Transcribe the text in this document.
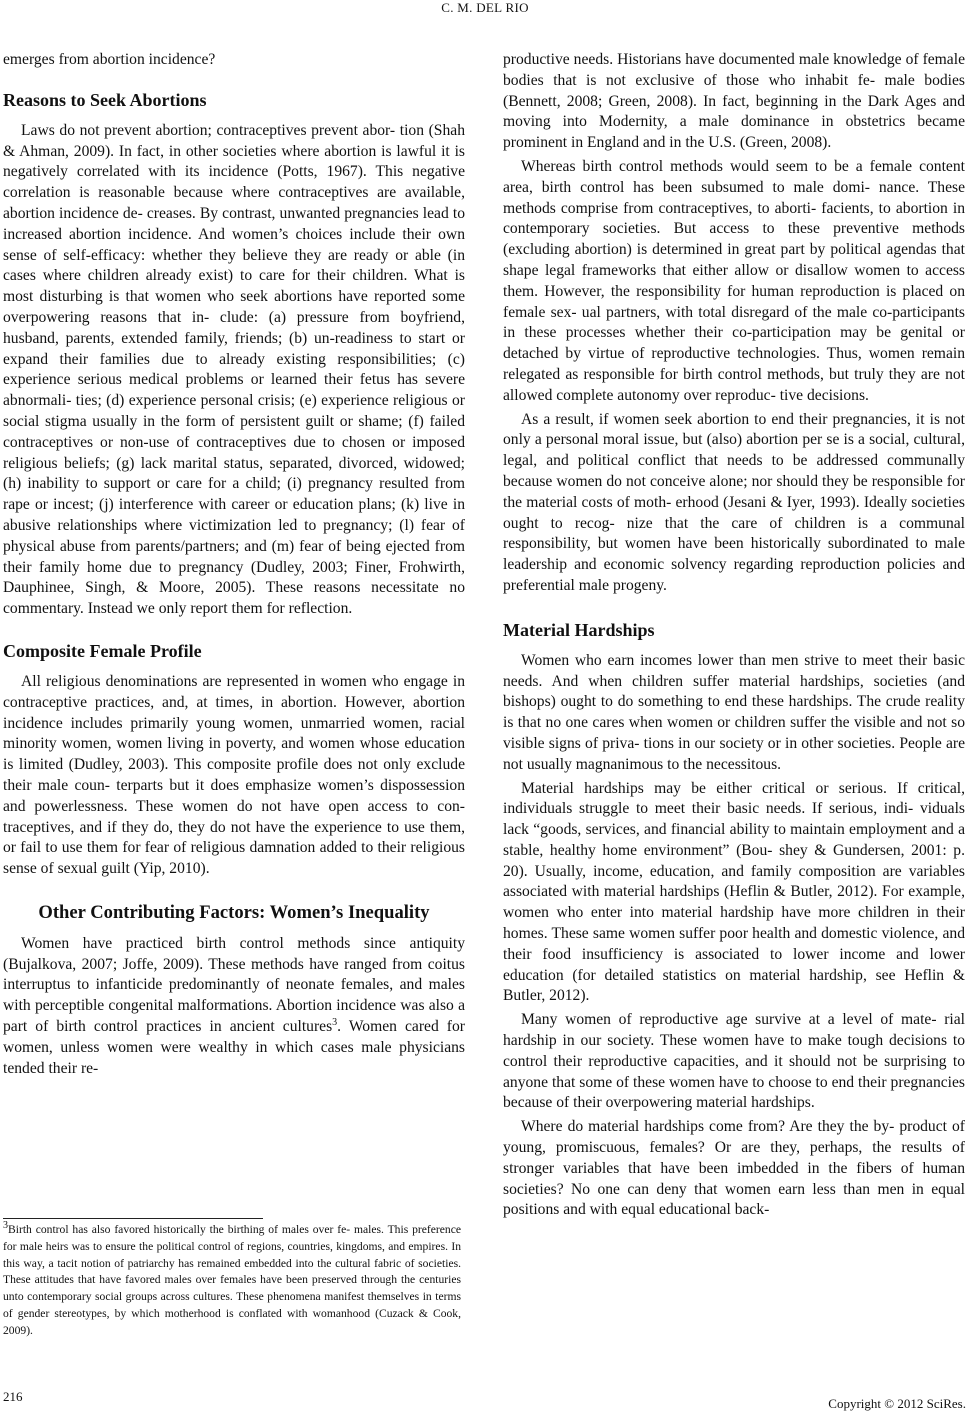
C. M. DEL RIO

emerges from abortion incidence?

Reasons to Seek Abortions

Laws do not prevent abortion; contraceptives prevent abor- tion (Shah & Ahman, 2009). In fact, in other societies where abortion is lawful it is negatively correlated with its incidence (Potts, 1967). This negative correlation is reasonable because where contraceptives are available, abortion incidence de- creases. By contrast, unwanted pregnancies lead to increased abortion incidence. And women’s choices include their own sense of self-efficacy: whether they believe they are ready or able (in cases where children already exist) to care for their children. What is most disturbing is that women who seek abortions have reported some overpowering reasons that in- clude: (a) pressure from boyfriend, husband, parents, extended family, friends; (b) un-readiness to start or expand their families due to already existing responsibilities; (c) experience serious medical problems or learned their fetus has severe abnormali- ties; (d) experience personal crisis; (e) experience religious or social stigma usually in the form of persistent guilt or shame; (f) failed contraceptives or non-use of contraceptives due to chosen or imposed religious beliefs; (g) lack marital status, separated, divorced, widowed; (h) inability to support or care for a child; (i) pregnancy resulted from rape or incest; (j) interference with career or education plans; (k) live in abusive relationships where victimization led to pregnancy; (l) fear of physical abuse from parents/partners; and (m) fear of being ejected from their family home due to pregnancy (Dudley, 2003; Finer, Frohwirth, Dauphinee, Singh, & Moore, 2005). These reasons necessitate no commentary. Instead we only report them for reflection.

Composite Female Profile

All religious denominations are represented in women who engage in contraceptive practices, and, at times, in abortion. However, abortion incidence includes primarily young women, unmarried women, racial minority women, women living in poverty, and women whose education is limited (Dudley, 2003). This composite profile does not only exclude their male coun- terparts but it does emphasize women’s dispossession and powerlessness. These women do not have open access to con- traceptives, and if they do, they do not have the experience to use them, or fail to use them for fear of religious damnation added to their religious sense of sexual guilt (Yip, 2010).

Other Contributing Factors: Women’s Inequality

Women have practiced birth control methods since antiquity (Bujalkova, 2007; Joffe, 2009). These methods have ranged from coitus interruptus to infanticide predominantly of neonate females, and males with perceptible congenital malformations. Abortion incidence was also a part of birth control practices in ancient cultures$^3$. Women cared for women, unless women were wealthy in which cases male physicians tended their re-

$^3$Birth control has also favored historically the birthing of males over fe- males. This preference for male heirs was to ensure the political control of regions, countries, kingdoms, and empires. In this way, a tacit notion of patriarchy has remained embedded into the cultural fabric of societies. These attitudes that have favored males over females have been preserved through the centuries unto contemporary social groups across cultures. These phenomena manifest themselves in terms of gender stereotypes, by which motherhood is conflated with womanhood (Cuzack & Cook, 2009).

productive needs. Historians have documented male knowledge of female bodies that is not exclusive of those who inhabit fe- male bodies (Bennett, 2008; Green, 2008). In fact, beginning in the Dark Ages and moving into Modernity, a male dominance in obstetrics became prominent in England and in the U.S. (Green, 2008).

Whereas birth control methods would seem to be a female content area, birth control has been subsumed to male domi- nance. These methods comprise from contraceptives, to aborti- facients, to abortion in contemporary societies. But access to these preventive methods (excluding abortion) is determined in great part by political agendas that shape legal frameworks that either allow or disallow women to access them. However, the responsibility for human reproduction is placed on female sex- ual partners, with total disregard of the male co-participants in these processes whether their co-participation may be genital or detached by virtue of reproductive technologies. Thus, women remain relegated as responsible for birth control methods, but truly they are not allowed complete autonomy over reproduc- tive decisions.

As a result, if women seek abortion to end their pregnancies, it is not only a personal moral issue, but (also) abortion per se is a social, cultural, legal, and political conflict that needs to be addressed communally because women do not conceive alone; nor should they be responsible for the material costs of moth- erhood (Jesani & Iyer, 1993). Ideally societies ought to recog- nize that the care of children is a communal responsibility, but women have been historically subordinated to male leadership and economic solvency regarding reproduction policies and preferential male progeny.

Material Hardships

Women who earn incomes lower than men strive to meet their basic needs. And when children suffer material hardships, societies (and bishops) ought to do something to end these hardships. The crude reality is that no one cares when women or children suffer the visible and not so visible signs of priva- tions in our society or in other societies. People are not usually magnanimous to the necessitous.

Material hardships may be either critical or serious. If critical, individuals struggle to meet their basic needs. If serious, indi- viduals lack “goods, services, and financial ability to maintain employment and a stable, healthy home environment” (Bou- shey & Gundersen, 2001: p. 20). Usually, income, education, and family composition are variables associated with material hardships (Heflin & Butler, 2012). For example, women who enter into material hardship have more children in their homes. These same women suffer poor health and domestic violence, and their food insufficiency is associated to lower income and lower education (for detailed statistics on material hardship, see Heflin & Butler, 2012).

Many women of reproductive age survive at a level of mate- rial hardship in our society. These women have to make tough decisions to control their reproductive capacities, and it should not be surprising to anyone that some of these women have to choose to end their pregnancies because of their overpowering material hardships.

Where do material hardships come from? Are they the by- product of young, promiscuous, females? Or are they, perhaps, the results of stronger variables that have been imbedded in the fibers of human societies? No one can deny that women earn less than men in equal positions and with equal educational back-

216	Copyright © 2012 SciRes.
